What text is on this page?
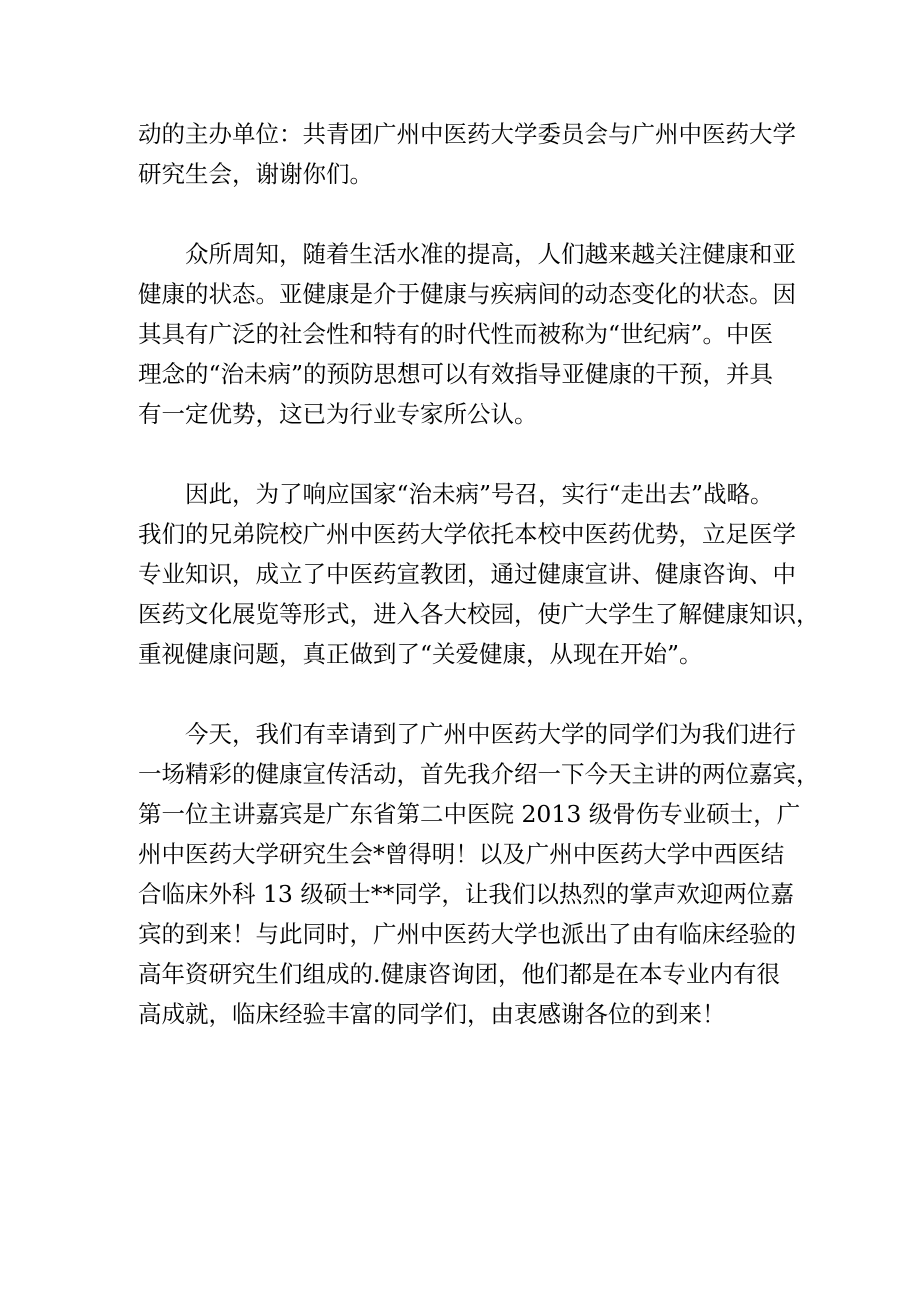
动的主办单位：共青团广州中医药大学委员会与广州中医药大学
研究生会，谢谢你们。
众所周知，随着生活水准的提高，人们越来越关注健康和亚
健康的状态。亚健康是介于健康与疾病间的动态变化的状态。因
其具有广泛的社会性和特有的时代性而被称为“世纪病”。中医
理念的“治未病”的预防思想可以有效指导亚健康的干预，并具
有一定优势，这已为行业专家所公认。
因此，为了响应国家“治未病”号召，实行“走出去”战略。
我们的兄弟院校广州中医药大学依托本校中医药优势，立足医学
专业知识，成立了中医药宣教团，通过健康宣讲、健康咨询、中
医药文化展览等形式，进入各大校园，使广大学生了解健康知识，
重视健康问题，真正做到了“关爱健康，从现在开始”。
今天，我们有幸请到了广州中医药大学的同学们为我们进行
一场精彩的健康宣传活动，首先我介绍一下今天主讲的两位嘉宾，
第一位主讲嘉宾是广东省第二中医院 2013 级骨伤专业硕士，广
州中医药大学研究生会*曾得明！以及广州中医药大学中西医结
合临床外科 13 级硕士**同学，让我们以热烈的掌声欢迎两位嘉
宾的到来！与此同时，广州中医药大学也派出了由有临床经验的
高年资研究生们组成的.健康咨询团，他们都是在本专业内有很
高成就，临床经验丰富的同学们，由衷感谢各位的到来！
